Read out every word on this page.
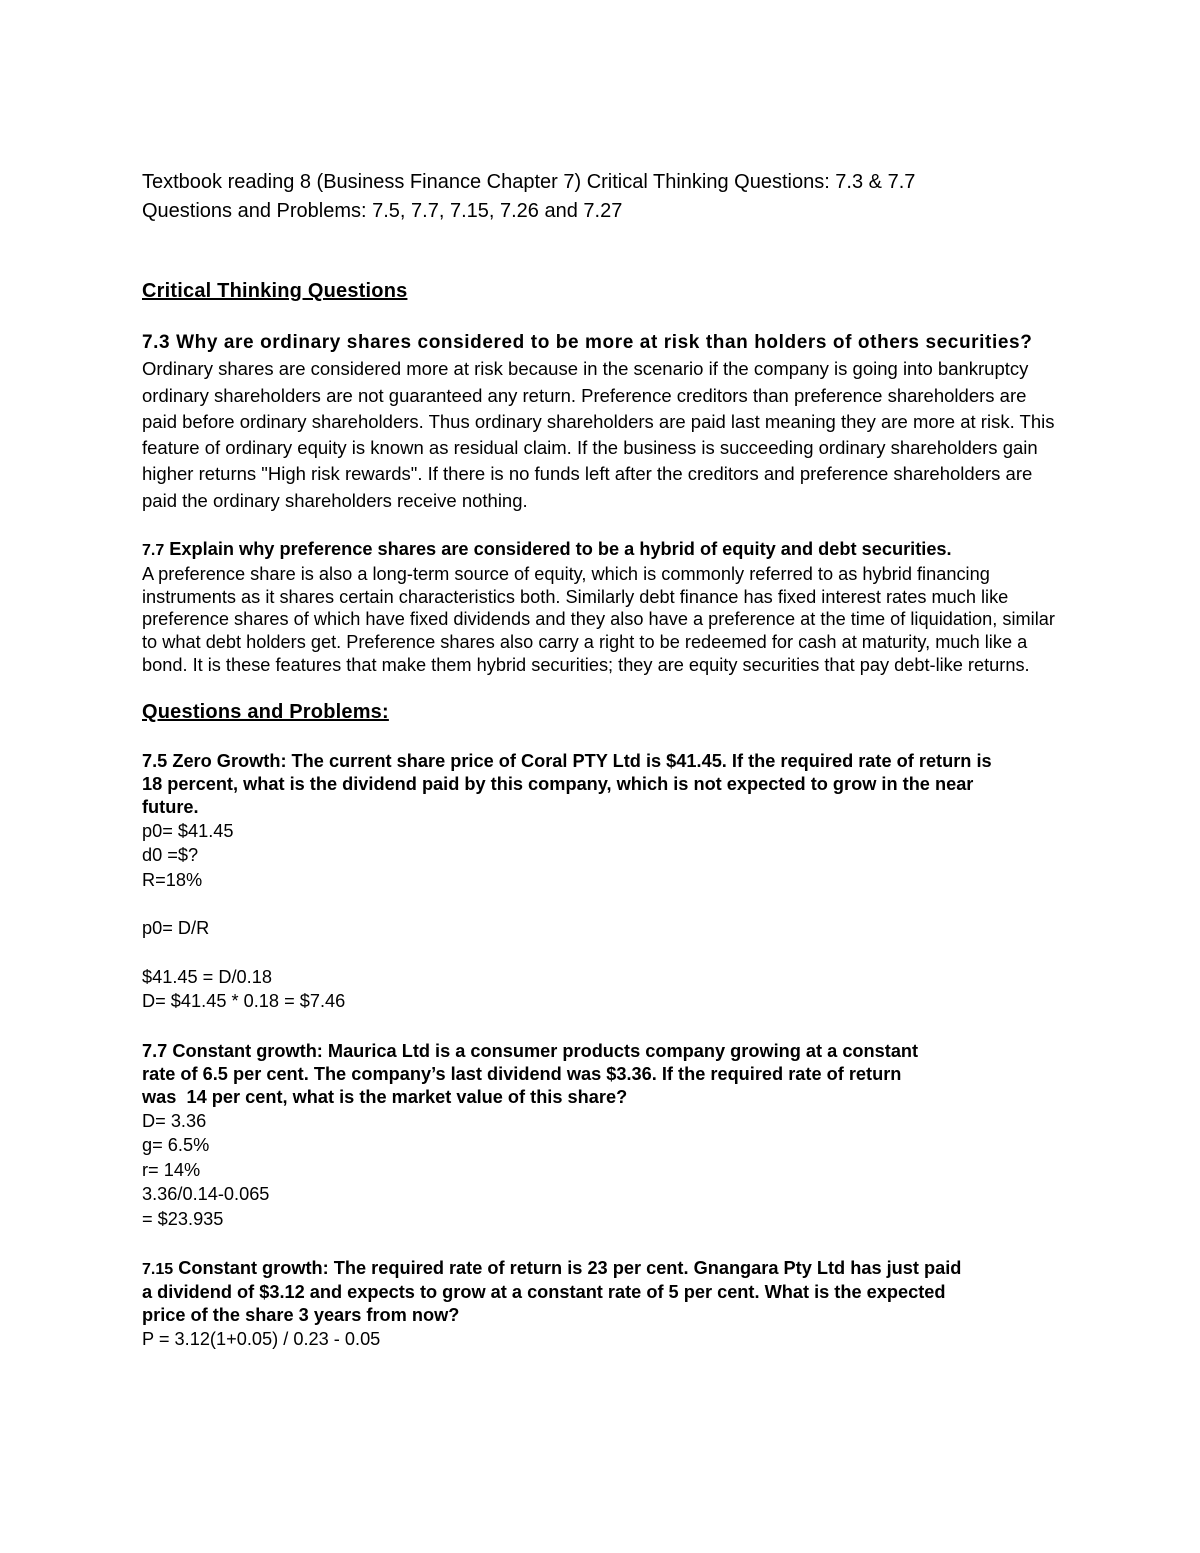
Textbook reading 8 (Business Finance Chapter 7) Critical Thinking Questions: 7.3 & 7.7
Questions and Problems: 7.5, 7.7, 7.15, 7.26 and 7.27

Critical Thinking Questions

7.3 Why are ordinary shares considered to be more at risk than holders of others securities? Ordinary shares are considered more at risk because in the scenario if the company is going into bankruptcy ordinary shareholders are not guaranteed any return. Preference creditors than preference shareholders are paid before ordinary shareholders. Thus ordinary shareholders are paid last meaning they are more at risk. This feature of ordinary equity is known as residual claim. If the business is succeeding ordinary shareholders gain higher returns "High risk rewards". If there is no funds left after the creditors and preference shareholders are paid the ordinary shareholders receive nothing.

7.7 Explain why preference shares are considered to be a hybrid of equity and debt securities.
A preference share is also a long-term source of equity, which is commonly referred to as hybrid financing instruments as it shares certain characteristics both. Similarly debt finance has fixed interest rates much like preference shares of which have fixed dividends and they also have a preference at the time of liquidation, similar to what debt holders get. Preference shares also carry a right to be redeemed for cash at maturity, much like a bond. It is these features that make them hybrid securities; they are equity securities that pay debt-like returns.

Questions and Problems:

7.5 Zero Growth: The current share price of Coral PTY Ltd is $41.45. If the required rate of return is
18 percent, what is the dividend paid by this company, which is not expected to grow in the near
future.
p0= $41.45
d0 =$?
R=18%
p0= D/R
$41.45 = D/0.18
D= $41.45 * 0.18 = $7.46
7.7 Constant growth: Maurica Ltd is a consumer products company growing at a constant
rate of 6.5 per cent. The company’s last dividend was $3.36. If the required rate of return
was  14 per cent, what is the market value of this share?
D= 3.36
g= 6.5%
r= 14%
3.36/0.14-0.065
= $23.935
7.15 Constant growth: The required rate of return is 23 per cent. Gnangara Pty Ltd has just paid
a dividend of $3.12 and expects to grow at a constant rate of 5 per cent. What is the expected
price of the share 3 years from now?
P = 3.12(1+0.05) / 0.23 - 0.05
